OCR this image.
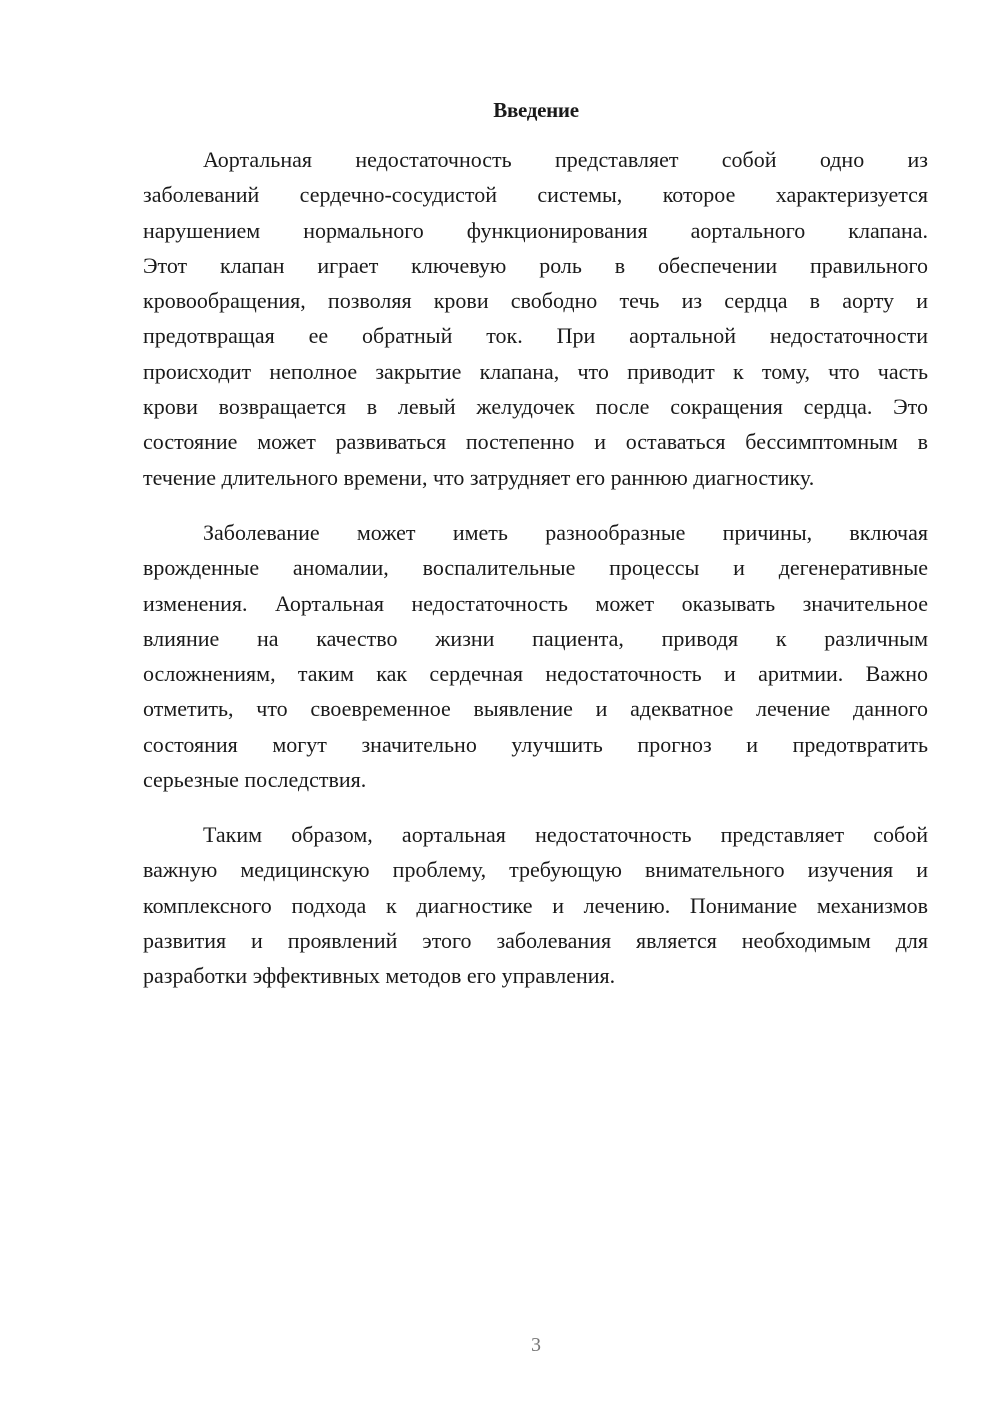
Введение
Аортальная недостаточность представляет собой одно из
заболеваний сердечно-сосудистой системы, которое характеризуется
нарушением нормального функционирования аортального клапана.
Этот клапан играет ключевую роль в обеспечении правильного
кровообращения, позволяя крови свободно течь из сердца в аорту и
предотвращая ее обратный ток. При аортальной недостаточности
происходит неполное закрытие клапана, что приводит к тому, что часть
крови возвращается в левый желудочек после сокращения сердца. Это
состояние может развиваться постепенно и оставаться бессимптомным в
течение длительного времени, что затрудняет его раннюю диагностику.
Заболевание может иметь разнообразные причины, включая
врожденные аномалии, воспалительные процессы и дегенеративные
изменения. Аортальная недостаточность может оказывать значительное
влияние на качество жизни пациента, приводя к различным
осложнениям, таким как сердечная недостаточность и аритмии. Важно
отметить, что своевременное выявление и адекватное лечение данного
состояния могут значительно улучшить прогноз и предотвратить
серьезные последствия.
Таким образом, аортальная недостаточность представляет собой
важную медицинскую проблему, требующую внимательного изучения и
комплексного подхода к диагностике и лечению. Понимание механизмов
развития и проявлений этого заболевания является необходимым для
разработки эффективных методов его управления.
3
